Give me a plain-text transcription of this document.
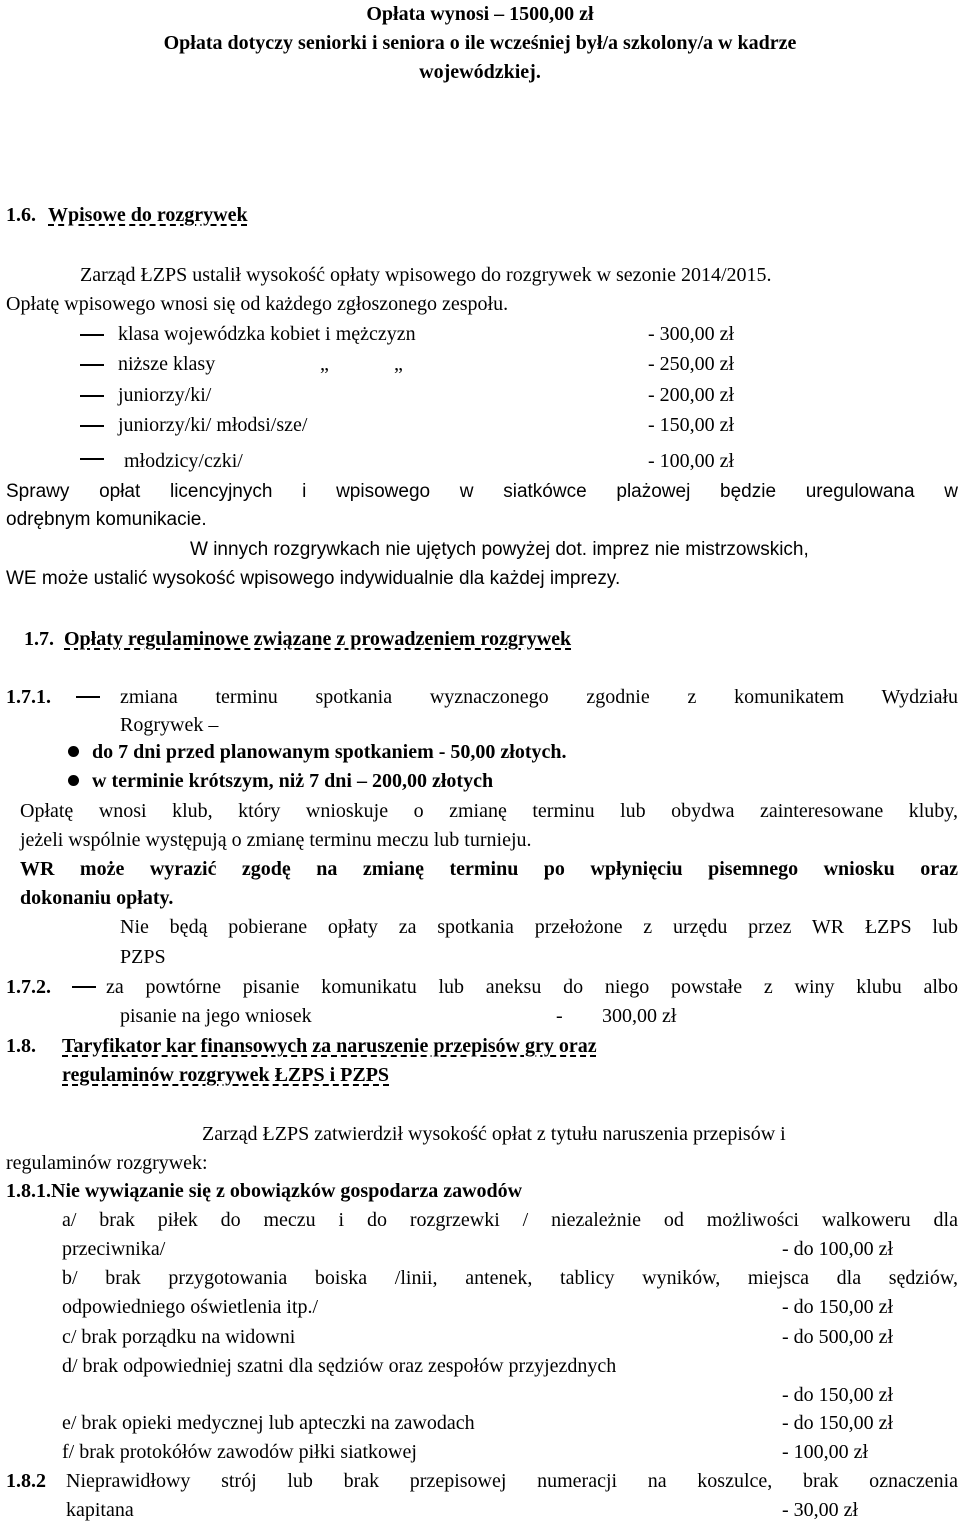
Opłata wynosi – 1500,00 zł
Opłata dotyczy seniorki i seniora o ile wcześniej był/a szkolony/a w kadrze
wojewódzkiej.
1.6. Wpisowe do rozgrywek
Zarząd ŁZPS ustalił wysokość opłaty wpisowego do rozgrywek w sezonie 2014/2015.
Opłatę wpisowego wnosi się od każdego zgłoszonego zespołu.
klasa wojewódzka kobiet i mężczyzn	- 300,00 zł
niższe klasy	„	„	- 250,00 zł
juniorzy/ki/	- 200,00 zł
juniorzy/ki/ młodsi/sze/	- 150,00 zł
młodzicy/czki/	- 100,00 zł
Sprawy opłat licencyjnych i wpisowego w siatkówce plażowej będzie uregulowana w
odrębnym komunikacie.
W innych rozgrywkach nie ujętych powyżej dot. imprez nie mistrzowskich,
WE może ustalić wysokość wpisowego indywidualnie dla każdej imprezy.
1.7. Opłaty regulaminowe związane z prowadzeniem rozgrywek
1.7.1.	zmiana terminu spotkania wyznaczonego zgodnie z komunikatem Wydziału
Rogrywek –
do 7 dni przed planowanym spotkaniem - 50,00 złotych.
w terminie krótszym, niż 7 dni – 200,00 złotych
Opłatę wnosi klub, który wnioskuje o zmianę terminu lub obydwa zainteresowane kluby,
jeżeli wspólnie występują o zmianę terminu meczu lub turnieju.
WR może wyrazić zgodę na zmianę terminu po wpłynięciu pisemnego wniosku oraz
dokonaniu opłaty.
Nie będą pobierane opłaty za spotkania przełożone z urzędu przez WR ŁZPS lub
PZPS
1.7.2.	za powtórne pisanie komunikatu lub aneksu do niego powstałe z winy klubu albo
pisanie na jego wniosek	- 300,00 zł
1.8. Taryfikator kar finansowych za naruszenie przepisów gry oraz
regulaminów rozgrywek ŁZPS i PZPS
Zarząd ŁZPS zatwierdził wysokość opłat z tytułu naruszenia przepisów i
regulaminów rozgrywek:
1.8.1.Nie wywiązanie się z obowiązków gospodarza zawodów
a/ brak piłek do meczu i do rozgrzewki / niezależnie od możliwości walkoweru dla
przeciwnika/	- do 100,00 zł
b/ brak przygotowania boiska /linii, antenek, tablicy wyników, miejsca dla sędziów,
odpowiedniego oświetlenia itp./	- do 150,00 zł
c/ brak porządku na widowni	- do 500,00 zł
d/ brak odpowiedniej szatni dla sędziów oraz zespołów przyjezdnych
- do 150,00 zł
e/ brak opieki medycznej lub apteczki na zawodach	- do 150,00 zł
f/ brak protokółów zawodów piłki siatkowej	- 100,00 zł
1.8.2 Nieprawidłowy strój lub brak przepisowej numeracji na koszulce, brak oznaczenia
kapitana	- 30,00 zł
